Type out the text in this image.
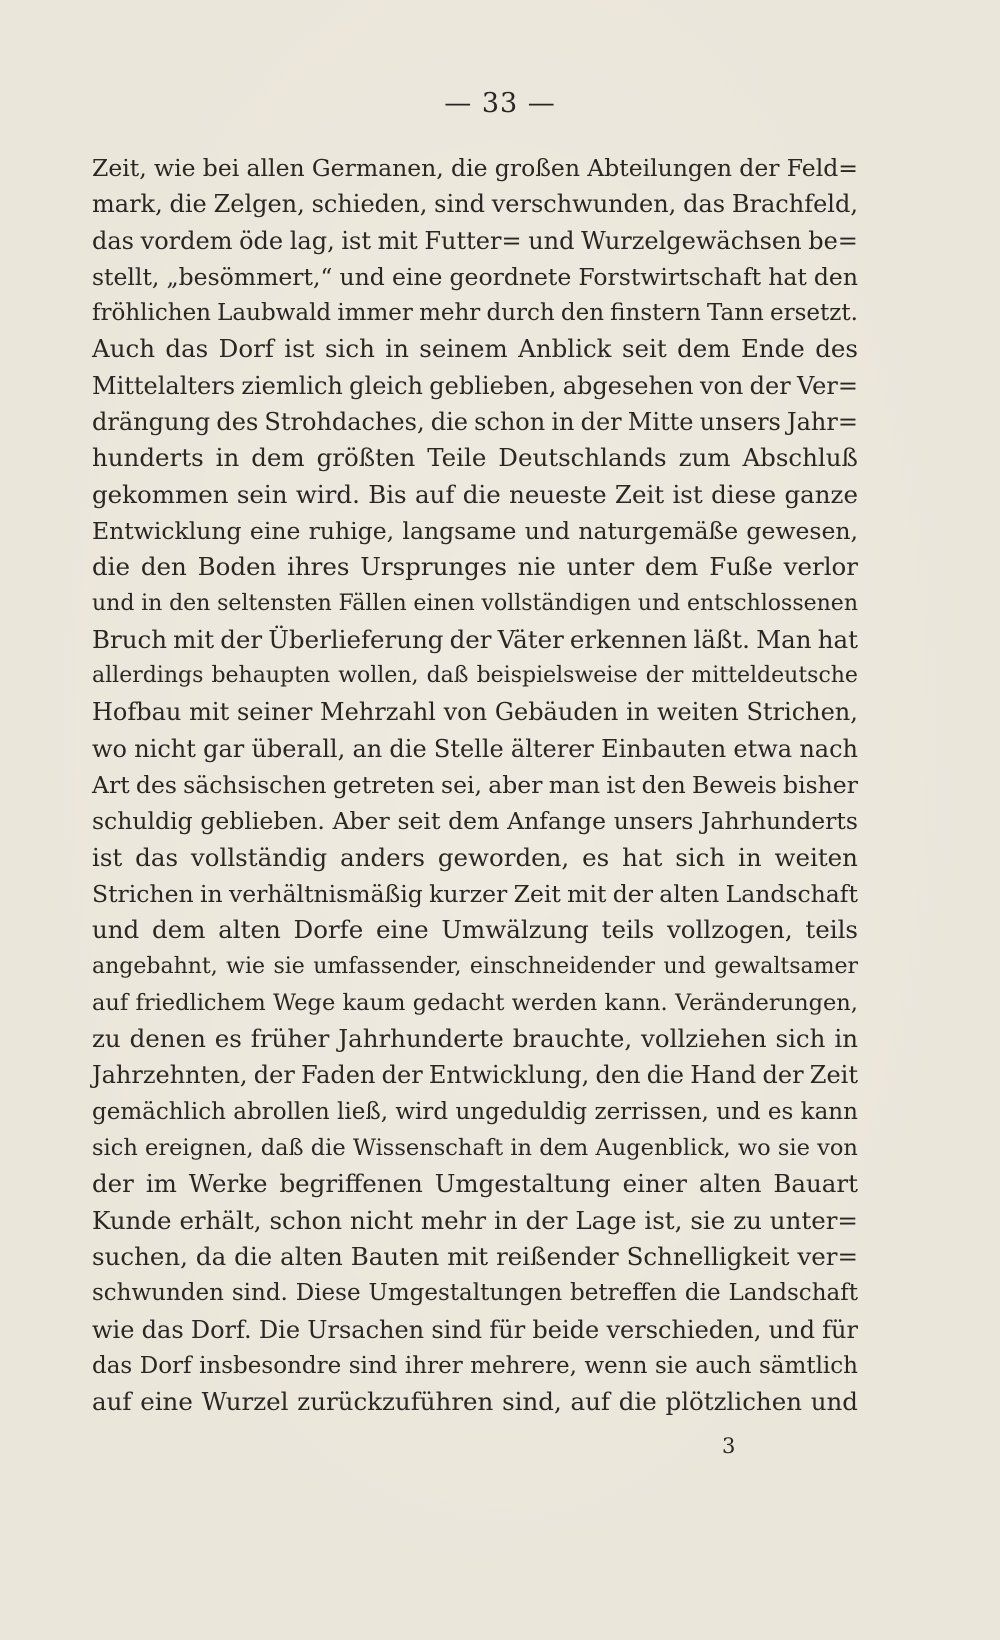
— 33 —
Zeit, wie bei allen Germanen, die großen Abteilungen der Feld=
mark, die Zelgen, schieden, sind verschwunden, das Brachfeld,
das vordem öde lag, ist mit Futter= und Wurzelgewächsen be=
stellt, „besömmert,“ und eine geordnete Forstwirtschaft hat den
fröhlichen Laubwald immer mehr durch den finstern Tann ersetzt.
Auch das Dorf ist sich in seinem Anblick seit dem Ende des
Mittelalters ziemlich gleich geblieben, abgesehen von der Ver=
drängung des Strohdaches, die schon in der Mitte unsers Jahr=
hunderts in dem größten Teile Deutschlands zum Abschluß
gekommen sein wird. Bis auf die neueste Zeit ist diese ganze
Entwicklung eine ruhige, langsame und naturgemäße gewesen,
die den Boden ihres Ursprunges nie unter dem Fuße verlor
und in den seltensten Fällen einen vollständigen und entschlossenen
Bruch mit der Überlieferung der Väter erkennen läßt. Man hat
allerdings behaupten wollen, daß beispielsweise der mitteldeutsche
Hofbau mit seiner Mehrzahl von Gebäuden in weiten Strichen,
wo nicht gar überall, an die Stelle älterer Einbauten etwa nach
Art des sächsischen getreten sei, aber man ist den Beweis bisher
schuldig geblieben. Aber seit dem Anfange unsers Jahrhunderts
ist das vollständig anders geworden, es hat sich in weiten
Strichen in verhältnismäßig kurzer Zeit mit der alten Landschaft
und dem alten Dorfe eine Umwälzung teils vollzogen, teils
angebahnt, wie sie umfassender, einschneidender und gewaltsamer
auf friedlichem Wege kaum gedacht werden kann. Veränderungen,
zu denen es früher Jahrhunderte brauchte, vollziehen sich in
Jahrzehnten, der Faden der Entwicklung, den die Hand der Zeit
gemächlich abrollen ließ, wird ungeduldig zerrissen, und es kann
sich ereignen, daß die Wissenschaft in dem Augenblick, wo sie von
der im Werke begriffenen Umgestaltung einer alten Bauart
Kunde erhält, schon nicht mehr in der Lage ist, sie zu unter=
suchen, da die alten Bauten mit reißender Schnelligkeit ver=
schwunden sind. Diese Umgestaltungen betreffen die Landschaft
wie das Dorf. Die Ursachen sind für beide verschieden, und für
das Dorf insbesondre sind ihrer mehrere, wenn sie auch sämtlich
auf eine Wurzel zurückzuführen sind, auf die plötzlichen und
3
